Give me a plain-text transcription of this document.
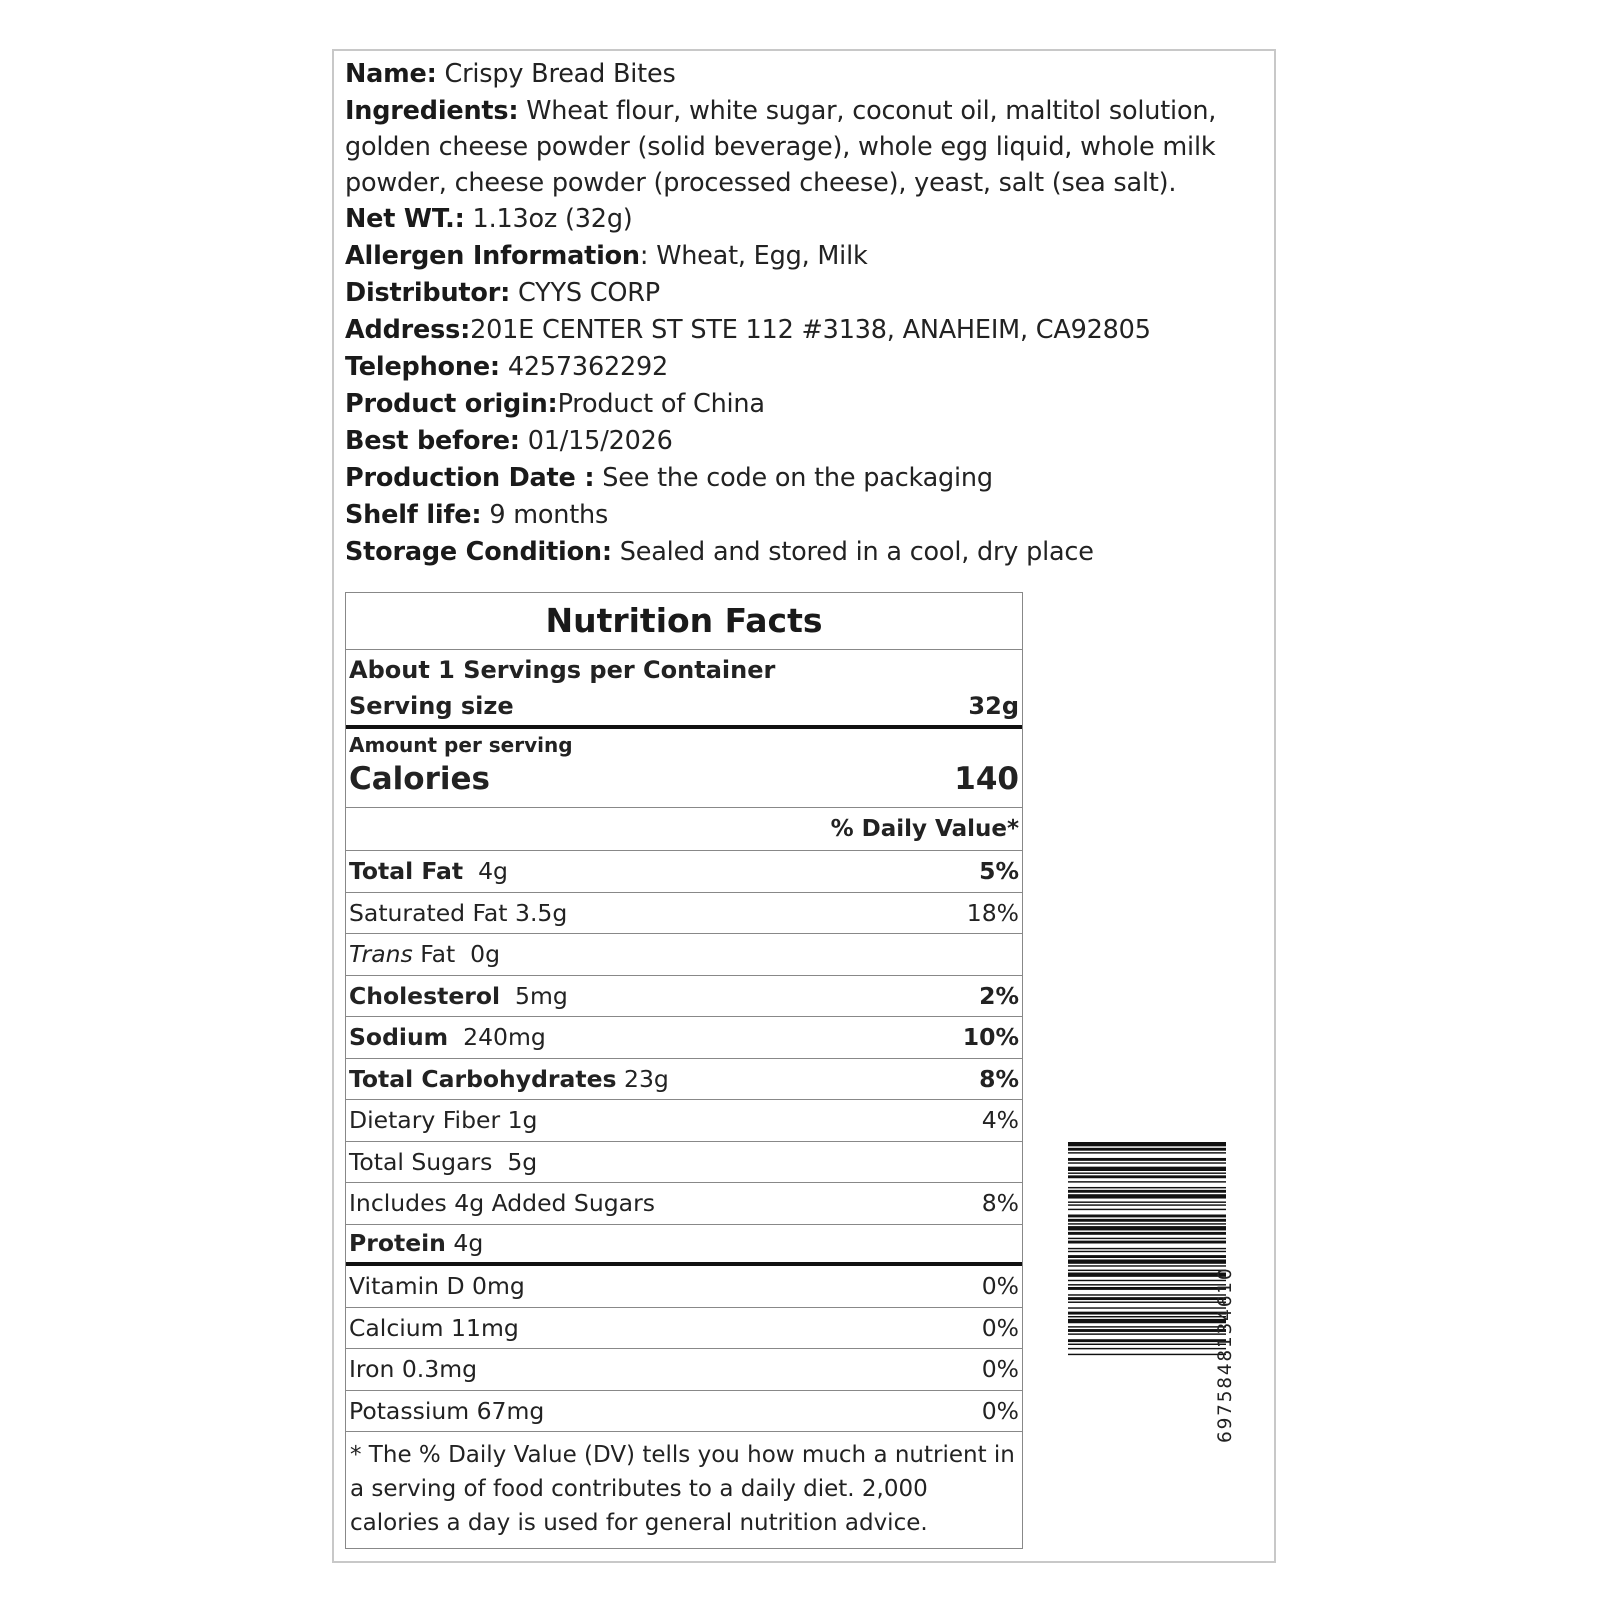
Name: Crispy Bread Bites
Ingredients: Wheat flour, white sugar, coconut oil, maltitol solution, golden cheese powder (solid beverage), whole egg liquid, whole milk powder, cheese powder (processed cheese), yeast, salt (sea salt).
Net WT.: 1.13oz (32g)
Allergen Information: Wheat, Egg, Milk
Distributor: CYYS CORP
Address:201E CENTER ST STE 112 #3138, ANAHEIM, CA92805
Telephone: 4257362292
Product origin:Product of China
Best before: 01/15/2026
Production Date : See the code on the packaging
Shelf life: 9 months
Storage Condition: Sealed and stored in a cool, dry place
Nutrition Facts
About 1 Servings per Container
Serving size	32g
Amount per serving
Calories	140
% Daily Value*
Total Fat 4g	5%
Saturated Fat 3.5g	18%
Trans Fat 0g
Cholesterol 5mg	2%
Sodium 240mg	10%
Total Carbohydrates 23g	8%
Dietary Fiber 1g	4%
Total Sugars 5g
Includes 4g Added Sugars	8%
Protein 4g
Vitamin D 0mg	0%
Calcium 11mg	0%
Iron 0.3mg	0%
Potassium 67mg	0%
* The % Daily Value (DV) tells you how much a nutrient in a serving of food contributes to a daily diet. 2,000 calories a day is used for general nutrition advice.
6975848134610
